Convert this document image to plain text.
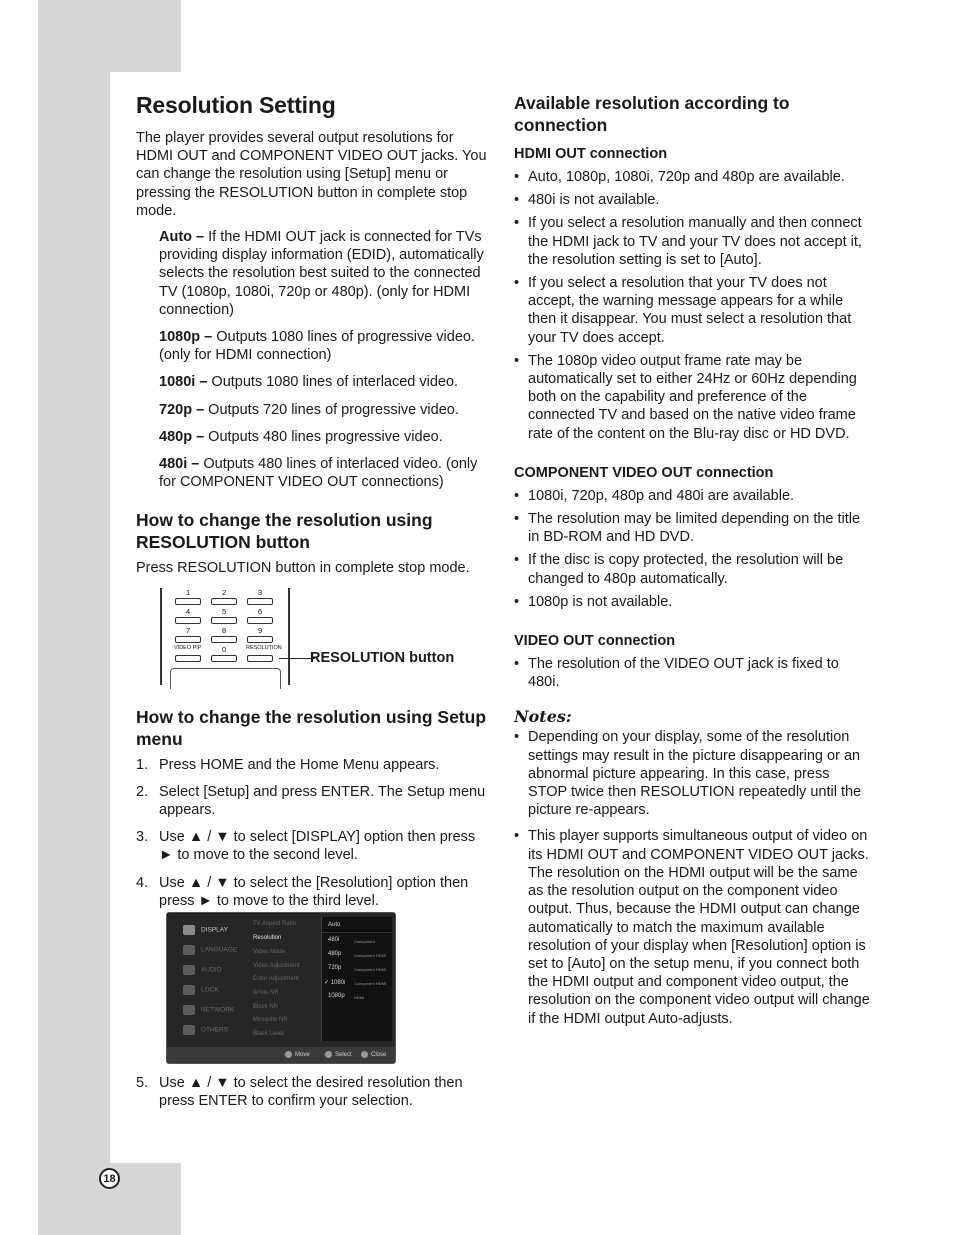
18
Resolution Setting

The player provides several output resolutions for HDMI OUT and COMPONENT VIDEO OUT jacks. You can change the resolution using [Setup] menu or pressing the RESOLUTION button in complete stop mode.

Auto – If the HDMI OUT jack is connected for TVs providing display information (EDID), automatically selects the resolution best suited to the connected TV (1080p, 1080i, 720p or 480p). (only for HDMI connection)
1080p – Outputs 1080 lines of progressive video. (only for HDMI connection)
1080i – Outputs 1080 lines of interlaced video.
720p – Outputs 720 lines of progressive video.
480p – Outputs 480 lines progressive video.
480i – Outputs 480 lines of interlaced video. (only for COMPONENT VIDEO OUT connections)
How to change the resolution using RESOLUTION button

Press RESOLUTION button in complete stop mode.

1	2	3
4	5	6
7	8	9
VIDEO PIP	0	RESOLUTION
RESOLUTION button
How to change the resolution using Setup menu
1. Press HOME and the Home Menu appears.
2. Select [Setup] and press ENTER. The Setup menu appears.
3. Use ▲ / ▼ to select [DISPLAY] option then press ► to move to the second level.
4. Use ▲ / ▼ to select the [Resolution] option then press ► to move to the third level.
DISPLAY
LANGUAGE
AUDIO
LOCK
NETWORK
OTHERS
TV Aspect Ratio
Resolution
Video Mode
Video Adjustment
Color Adjustment
White NR
Block NR
Mosquito NR
Black Level
Auto
480i	Component
480p	Component HDMI
720p	Component HDMI
✓ 1080i Component HDMI
1080p HDMI
Move	Select	Close
5. Use ▲ / ▼ to select the desired resolution then press ENTER to confirm your selection.
Available resolution according to connection
HDMI OUT connection
• Auto, 1080p, 1080i, 720p and 480p are available.
• 480i is not available.
• If you select a resolution manually and then connect the HDMI jack to TV and your TV does not accept it, the resolution setting is set to [Auto].
• If you select a resolution that your TV does not accept, the warning message appears for a while then it disappear. You must select a resolution that your TV does accept.
• The 1080p video output frame rate may be automatically set to either 24Hz or 60Hz depending both on the capability and preference of the connected TV and based on the native video frame rate of the content on the Blu-ray disc or HD DVD.
COMPONENT VIDEO OUT connection
• 1080i, 720p, 480p and 480i are available.
• The resolution may be limited depending on the title in BD-ROM and HD DVD.
• If the disc is copy protected, the resolution will be changed to 480p automatically.
• 1080p is not available.
VIDEO OUT connection
• The resolution of the VIDEO OUT jack is fixed to 480i.
Notes:
• Depending on your display, some of the resolution settings may result in the picture disappearing or an abnormal picture appearing. In this case, press STOP twice then RESOLUTION repeatedly until the picture re-appears.
• This player supports simultaneous output of video on its HDMI OUT and COMPONENT VIDEO OUT jacks. The resolution on the HDMI output will be the same as the resolution output on the component video output. Thus, because the HDMI output can change automatically to match the maximum available resolution of your display when [Resolution] option is set to [Auto] on the setup menu, if you connect both the HDMI output and component video output, the resolution on the component video output will change if the HDMI output Auto-adjusts.
